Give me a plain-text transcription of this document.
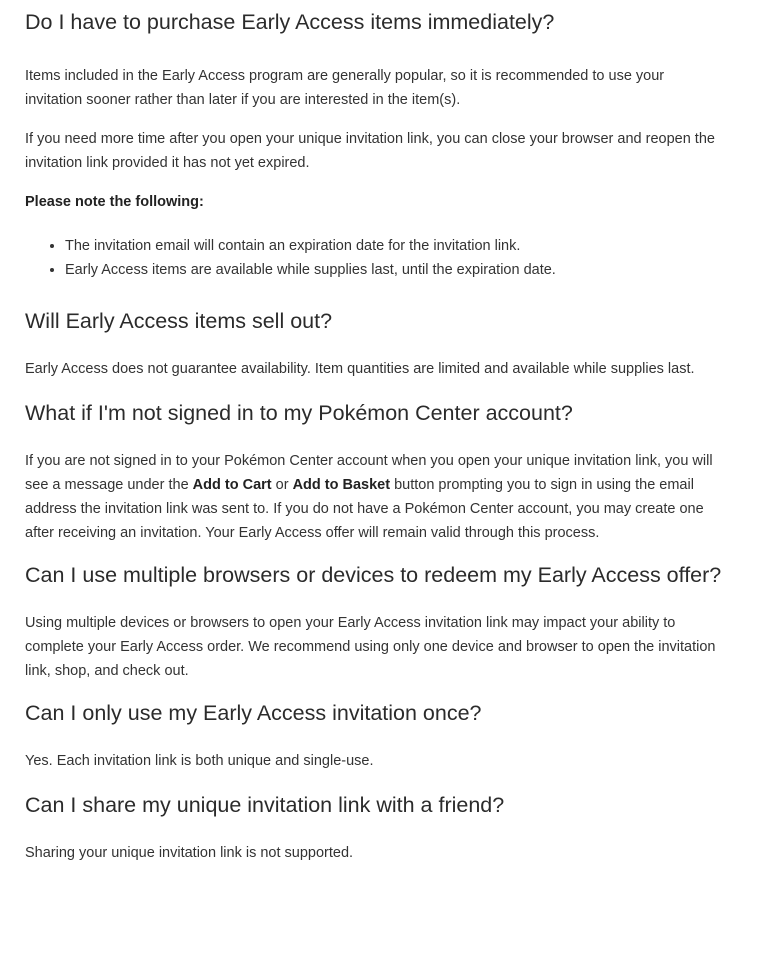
Do I have to purchase Early Access items immediately?

Items included in the Early Access program are generally popular, so it is recommended to use your invitation sooner rather than later if you are interested in the item(s).

If you need more time after you open your unique invitation link, you can close your browser and reopen the invitation link provided it has not yet expired.

Please note the following:

• The invitation email will contain an expiration date for the invitation link.
• Early Access items are available while supplies last, until the expiration date.
Will Early Access items sell out?

Early Access does not guarantee availability. Item quantities are limited and available while supplies last.

What if I'm not signed in to my Pokémon Center account?

If you are not signed in to your Pokémon Center account when you open your unique invitation link, you will see a message under the Add to Cart or Add to Basket button prompting you to sign in using the email address the invitation link was sent to. If you do not have a Pokémon Center account, you may create one after receiving an invitation. Your Early Access offer will remain valid through this process.

Can I use multiple browsers or devices to redeem my Early Access offer?

Using multiple devices or browsers to open your Early Access invitation link may impact your ability to complete your Early Access order. We recommend using only one device and browser to open the invitation link, shop, and check out.

Can I only use my Early Access invitation once?

Yes. Each invitation link is both unique and single-use.

Can I share my unique invitation link with a friend?

Sharing your unique invitation link is not supported.
